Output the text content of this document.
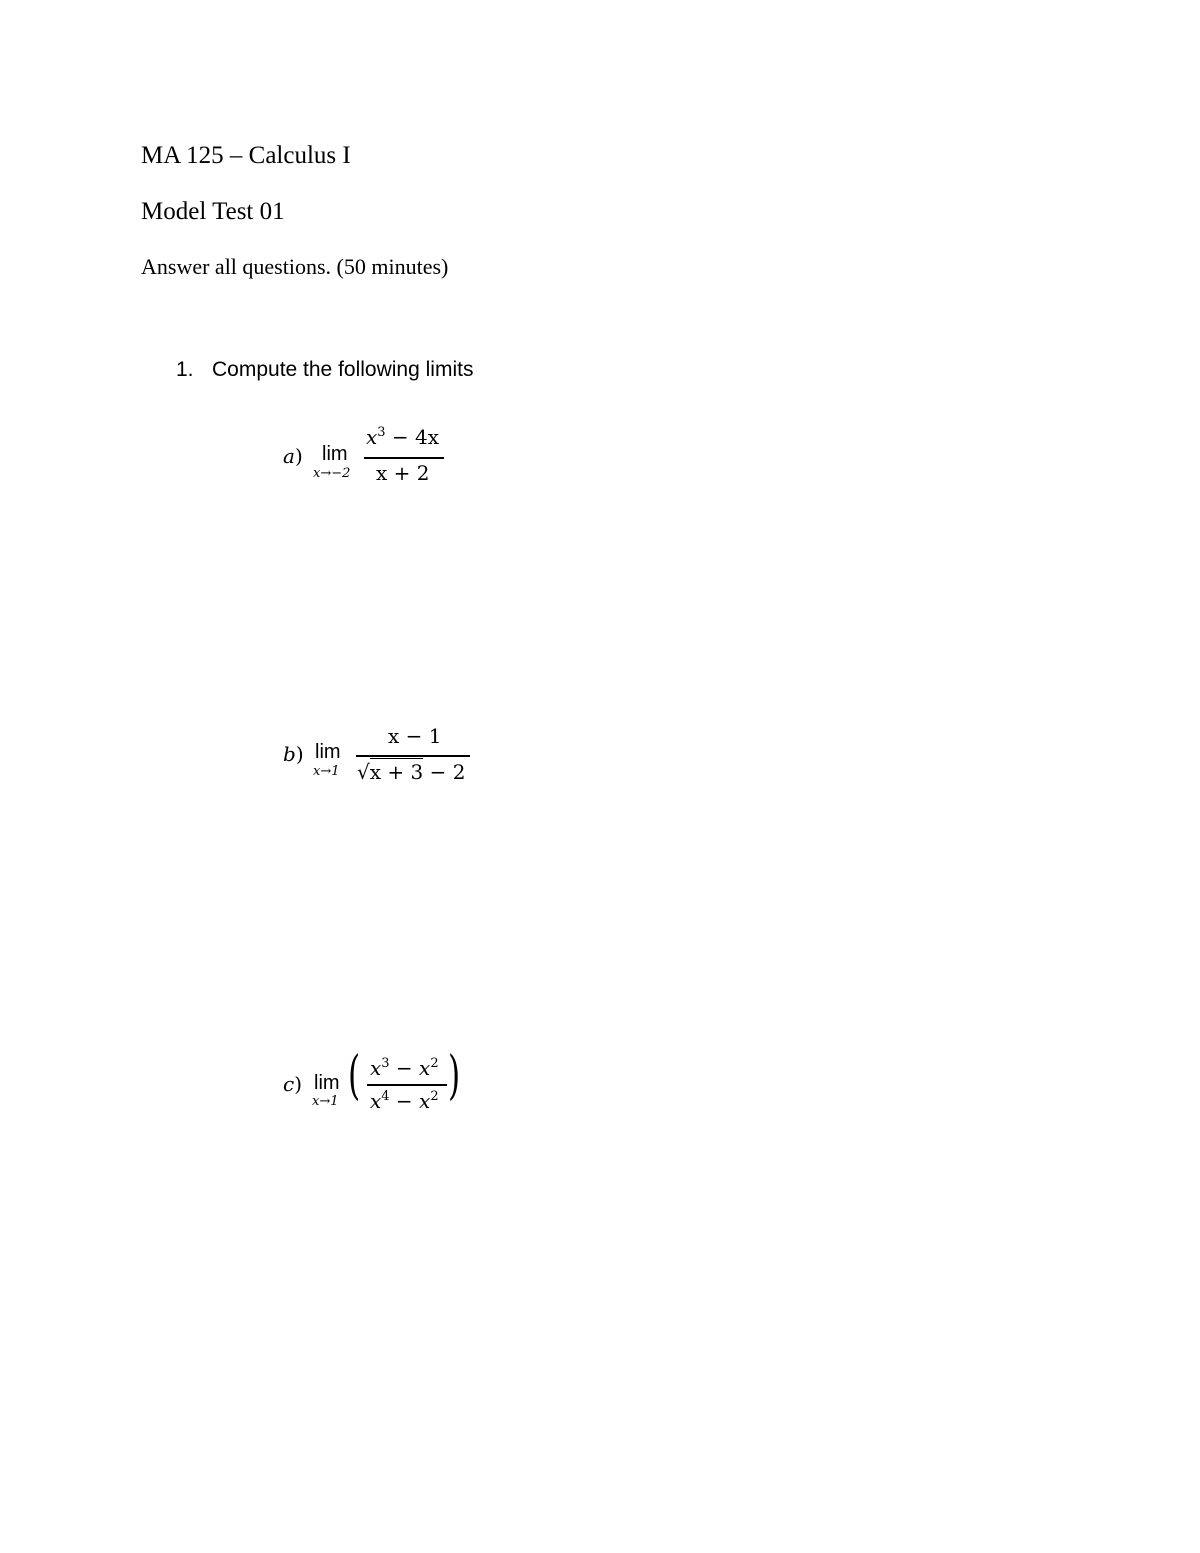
MA 125 – Calculus I
Model Test 01
Answer all questions. (50 minutes)
1. Compute the following limits
a) lim
x→−2
$x^3 - 4x$
x + 2
b) lim
x→1
x − 1
√x + 3 − 2
c) lim
x→1 ( $x^3 - x^2$
$x^4 - x^2$ )
